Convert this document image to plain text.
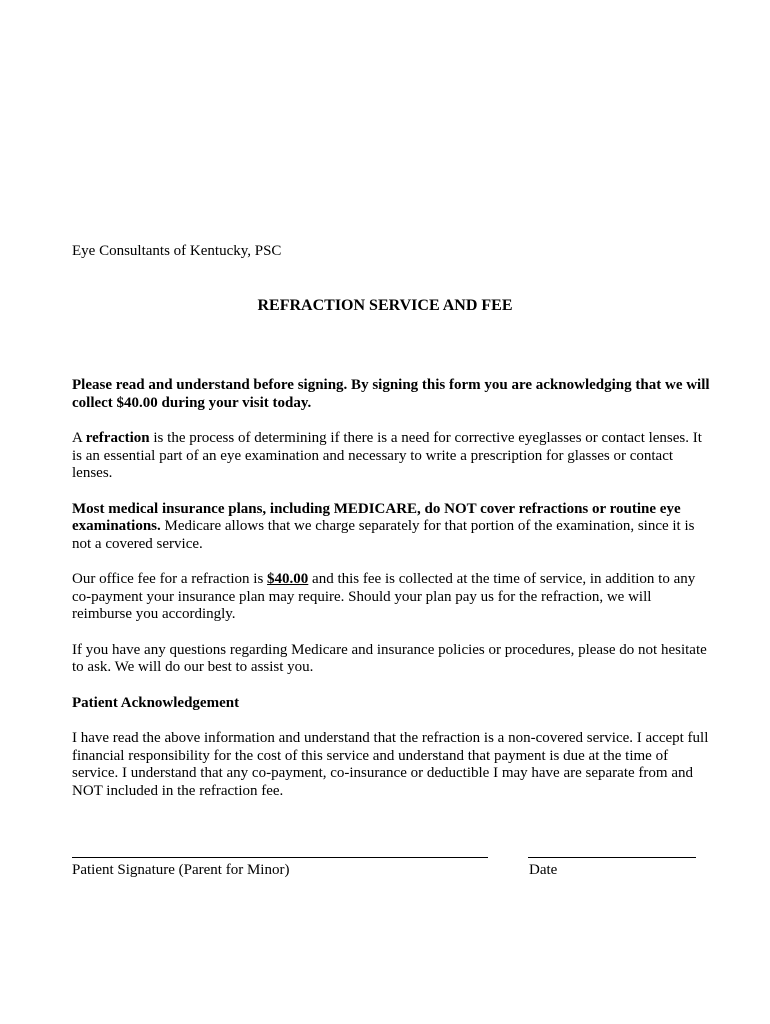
Eye Consultants of Kentucky, PSC
REFRACTION SERVICE AND FEE

Please read and understand before signing. By signing this form you are acknowledging that we will collect $40.00 during your visit today.

A refraction is the process of determining if there is a need for corrective eyeglasses or contact lenses. It is an essential part of an eye examination and necessary to write a prescription for glasses or contact lenses.

Most medical insurance plans, including MEDICARE, do NOT cover refractions or routine eye examinations. Medicare allows that we charge separately for that portion of the examination, since it is not a covered service.

Our office fee for a refraction is $40.00 and this fee is collected at the time of service, in addition to any co-payment your insurance plan may require. Should your plan pay us for the refraction, we will reimburse you accordingly.

If you have any questions regarding Medicare and insurance policies or procedures, please do not hesitate to ask. We will do our best to assist you.

Patient Acknowledgement

I have read the above information and understand that the refraction is a non-covered service. I accept full financial responsibility for the cost of this service and understand that payment is due at the time of service. I understand that any co-payment, co-insurance or deductible I may have are separate from and NOT included in the refraction fee.

Patient Signature (Parent for Minor)	Date
